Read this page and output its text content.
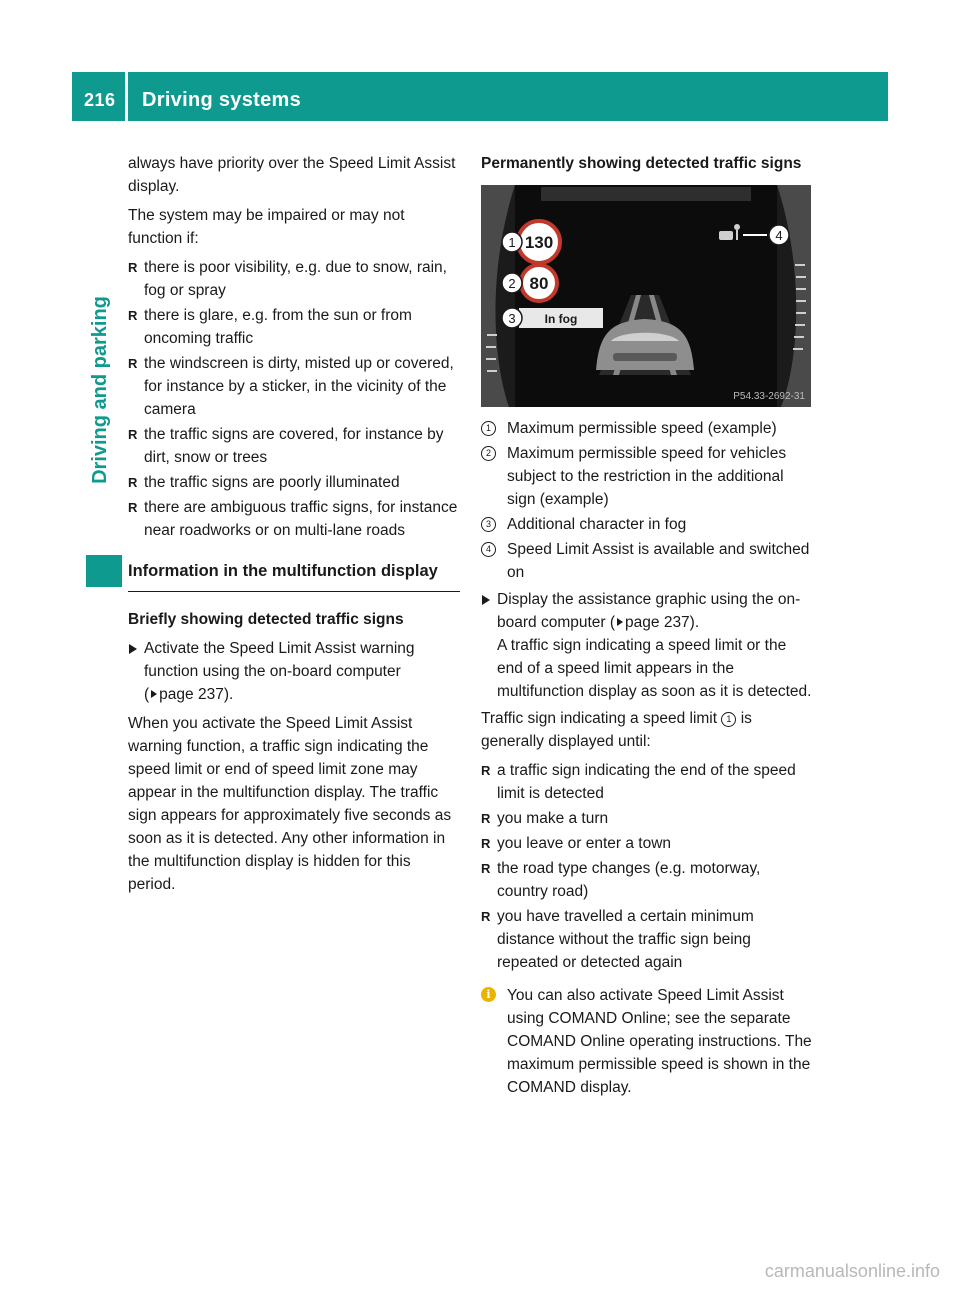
216 Driving systems
Driving and parking

always have priority over the Speed Limit Assist display.

The system may be impaired or may not function if:

R there is poor visibility, e.g. due to snow, rain, fog or spray
R there is glare, e.g. from the sun or from oncoming traffic
R the windscreen is dirty, misted up or covered, for instance by a sticker, in the vicinity of the camera
R the traffic signs are covered, for instance by dirt, snow or trees
R the traffic signs are poorly illuminated
R there are ambiguous traffic signs, for instance near roadworks or on multi-lane roads
Information in the multifunction display
Briefly showing detected traffic signs
Activate the Speed Limit Assist warning function using the on-board computer
( page 237).

When you activate the Speed Limit Assist warning function, a traffic sign indicating the speed limit or end of speed limit zone may appear in the multifunction display. The traffic sign appears for approximately five seconds as soon as it is detected. Any other information in the multifunction display is hidden for this period.

Permanently showing detected traffic signs
130
80
In fog
1
2
3
4
P54.33-2692-31
1	Maximum permissible speed (example)
2	Maximum permissible speed for vehicles subject to the restriction in the additional sign (example)
3	Additional character in fog
4	Speed Limit Assist is available and switched on
Display the assistance graphic using the on-board computer ( page 237).
A traffic sign indicating a speed limit or the end of a speed limit appears in the multifunction display as soon as it is detected.

Traffic sign indicating a speed limit 1 is generally displayed until:

R a traffic sign indicating the end of the speed limit is detected
R you make a turn
R you leave or enter a town
R the road type changes (e.g. motorway, country road)
R you have travelled a certain minimum distance without the traffic sign being repeated or detected again
i	You can also activate Speed Limit Assist using COMAND Online; see the separate COMAND Online operating instructions. The maximum permissible speed is shown in the COMAND display.
carmanualsonline.info
